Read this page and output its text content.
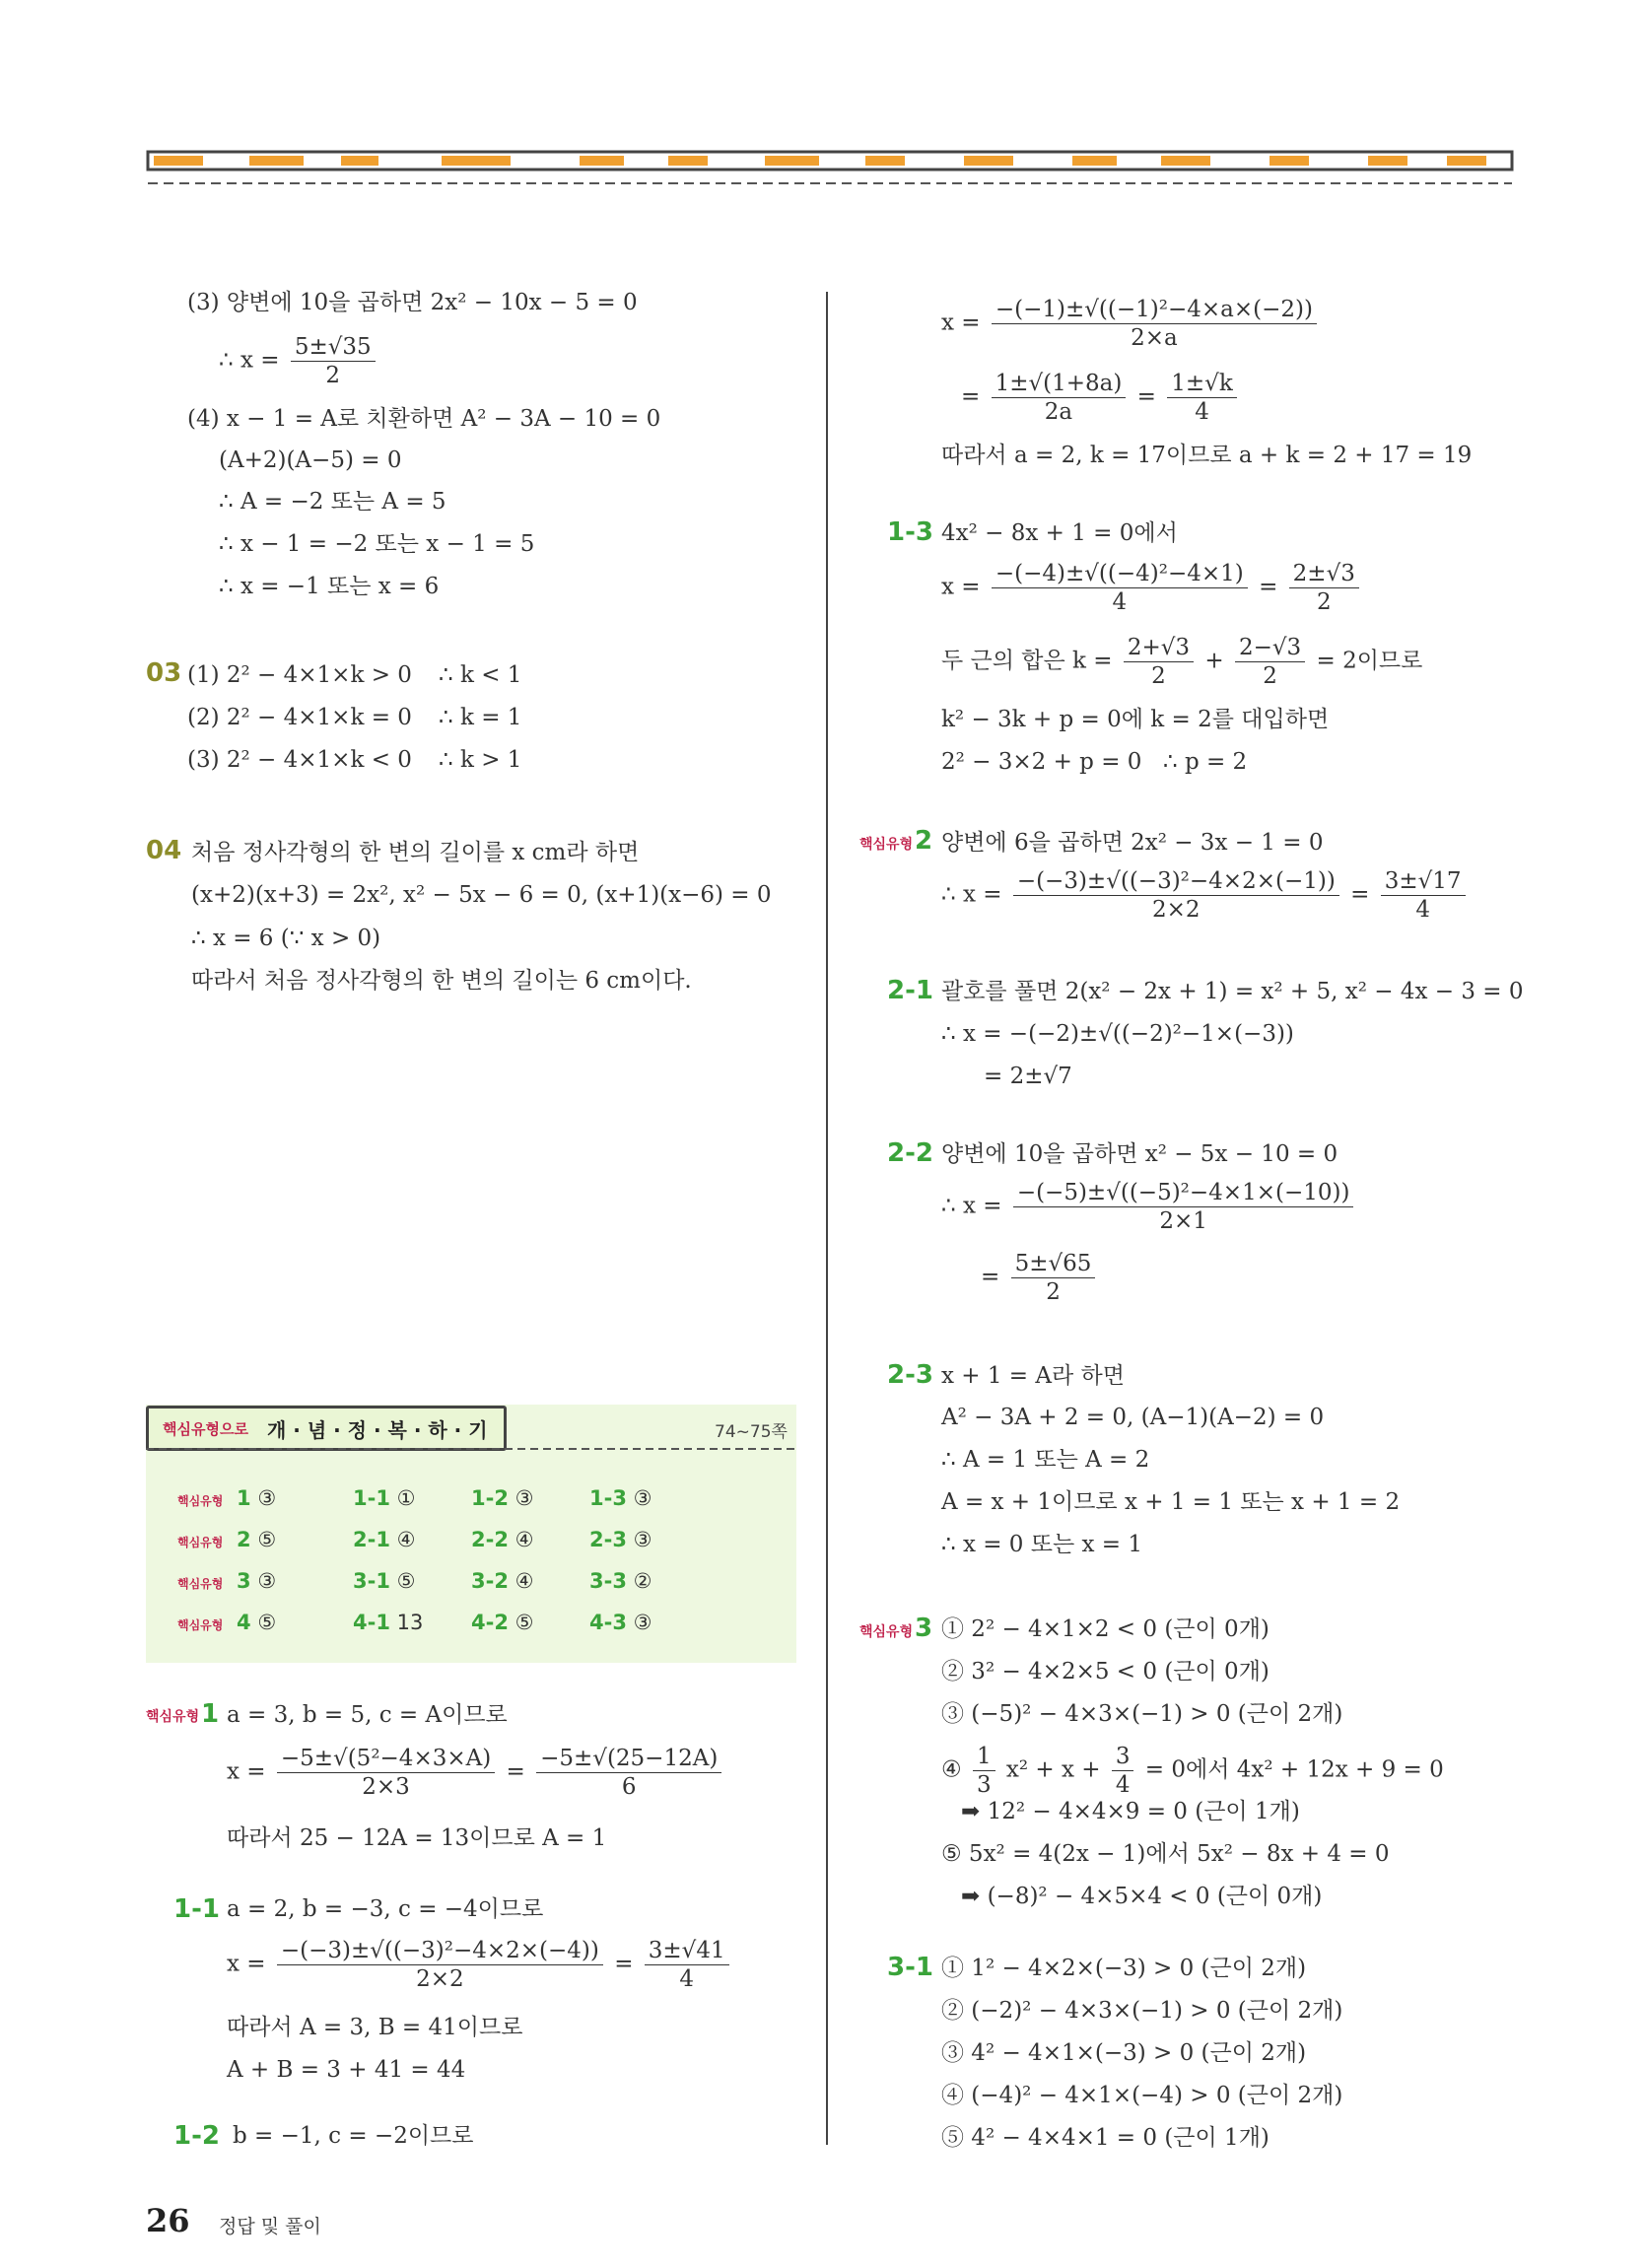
(3) 양변에 10을 곱하면 2x² − 10x − 5 = 0
∴ $x = \frac{5\pm√35}{2}$
(4) x − 1 = A로 치환하면 A² − 3A − 10 = 0
(A+2)(A−5) = 0
∴ A = −2 또는 A = 5
∴ x − 1 = −2 또는 x − 1 = 5
∴ x = −1 또는 x = 6
03 (1) 2² − 4×1×k > 0 ∴ k < 1
(2) 2² − 4×1×k = 0 ∴ k = 1
(3) 2² − 4×1×k < 0 ∴ k > 1
04 처음 정사각형의 한 변의 길이를 x cm라 하면
(x+2)(x+3) = 2x², x² − 5x − 6 = 0, (x+1)(x−6) = 0
∴ x = 6 (∵ x > 0)
따라서 처음 정사각형의 한 변의 길이는 6 cm이다.
핵심유형으로 개 · 념 · 정 · 복 · 하 · 기	74~75쪽
핵심유형 1 ③	1-1 ①	1-2 ③	1-3 ③
핵심유형 2 ⑤	2-1 ④	2-2 ④	2-3 ③
핵심유형 3 ③	3-1 ⑤	3-2 ④	3-3 ②
핵심유형 4 ⑤	4-1 13 4-2 ⑤	4-3 ③
핵심유형 1 a = 3, b = 5, c = A이므로
$x = \frac{\text{−5±√(5²−4×3×A)}}{2\times 3} = \frac{-5\pm√(25-12A)}{6}$
따라서 25 − 12A = 13이므로 A = 1
1-1 a = 2, b = −3, c = −4이므로
$x = \frac{\text{−(−3)±√((−3)²−4×2×(−4))}}{2\times 2} = \frac{3\pm√41}{4}$
따라서 A = 3, B = 41이므로
A + B = 3 + 41 = 44
1-2 b = −1, c = −2이므로
26 정답 및 풀이
$x = \frac{\text{−(−1)±√((−1)²−4×a×(−2))}}{2\times a}$
= $\frac{1\pm√(1+8a)}{2a} = \frac{1\pm√k}{4}$
따라서 a = 2, k = 17이므로 a + k = 2 + 17 = 19
1-3 4x² − 8x + 1 = 0에서
$x = \frac{\text{−(−4)±√((−4)²−4×1)}}{4} = \frac{2\pm√3}{2}$
두 근의 합은 $k = \frac{2+√3}{2} + \frac{2-√3}{2} = 2$이므로
k² − 3k + p = 0에 k = 2를 대입하면
2² − 3×2 + p = 0 ∴ p = 2
핵심유형 2 양변에 6을 곱하면 2x² − 3x − 1 = 0
∴ $x = \frac{\text{−(−3)±√((−3)²−4×2×(−1))}}{2\times 2} = \frac{3\pm√17}{4}$
2-1 괄호를 풀면 2(x² − 2x + 1) = x² + 5, x² − 4x − 3 = 0
∴ x = −(−2)±√((−2)²−1×(−3))
= 2±√7
2-2 양변에 10을 곱하면 x² − 5x − 10 = 0
∴ $x = \frac{\text{−(−5)±√((−5)²−4×1×(−10))}}{2\times 1}$
= $\frac{5\pm√65}{2}$
2-3 x + 1 = A라 하면
A² − 3A + 2 = 0, (A−1)(A−2) = 0
∴ A = 1 또는 A = 2
A = x + 1이므로 x + 1 = 1 또는 x + 1 = 2
∴ x = 0 또는 x = 1
핵심유형 3 ① 2² − 4×1×2 < 0 (근이 0개)
② 3² − 4×2×5 < 0 (근이 0개)
③ (−5)² − 4×3×(−1) > 0 (근이 2개)
④ $\frac{1}{3} x^2 + x + \frac{3}{4} = 0$에서 4x² + 12x + 9 = 0
➡ 12² − 4×4×9 = 0 (근이 1개)
⑤ 5x² = 4(2x − 1)에서 5x² − 8x + 4 = 0
➡ (−8)² − 4×5×4 < 0 (근이 0개)
3-1 ① 1² − 4×2×(−3) > 0 (근이 2개)
② (−2)² − 4×3×(−1) > 0 (근이 2개)
③ 4² − 4×1×(−3) > 0 (근이 2개)
④ (−4)² − 4×1×(−4) > 0 (근이 2개)
⑤ 4² − 4×4×1 = 0 (근이 1개)
